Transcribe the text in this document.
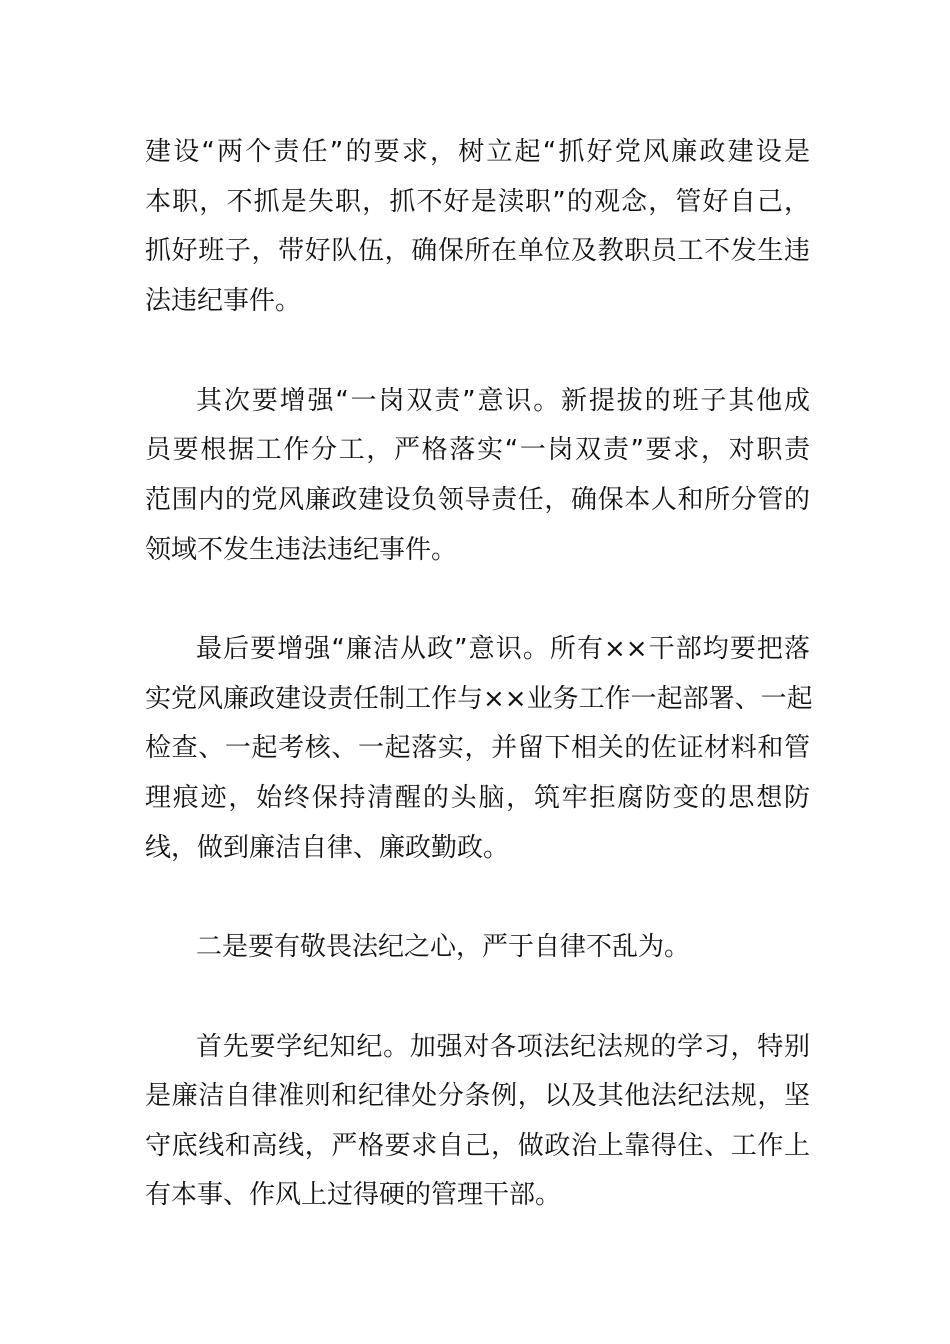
建设“两个责任”的要求，树立起“抓好党风廉政建设是
本职，不抓是失职，抓不好是渎职”的观念，管好自己，
抓好班子，带好队伍，确保所在单位及教职员工不发生违
法违纪事件。
其次要增强“一岗双责”意识。新提拔的班子其他成
员要根据工作分工，严格落实“一岗双责”要求，对职责
范围内的党风廉政建设负领导责任，确保本人和所分管的
领域不发生违法违纪事件。
最后要增强“廉洁从政”意识。所有××干部均要把落
实党风廉政建设责任制工作与××业务工作一起部署、一起
检查、一起考核、一起落实，并留下相关的佐证材料和管
理痕迹，始终保持清醒的头脑，筑牢拒腐防变的思想防
线，做到廉洁自律、廉政勤政。
二是要有敬畏法纪之心，严于自律不乱为。
首先要学纪知纪。加强对各项法纪法规的学习，特别
是廉洁自律准则和纪律处分条例，以及其他法纪法规，坚
守底线和高线，严格要求自己，做政治上靠得住、工作上
有本事、作风上过得硬的管理干部。
